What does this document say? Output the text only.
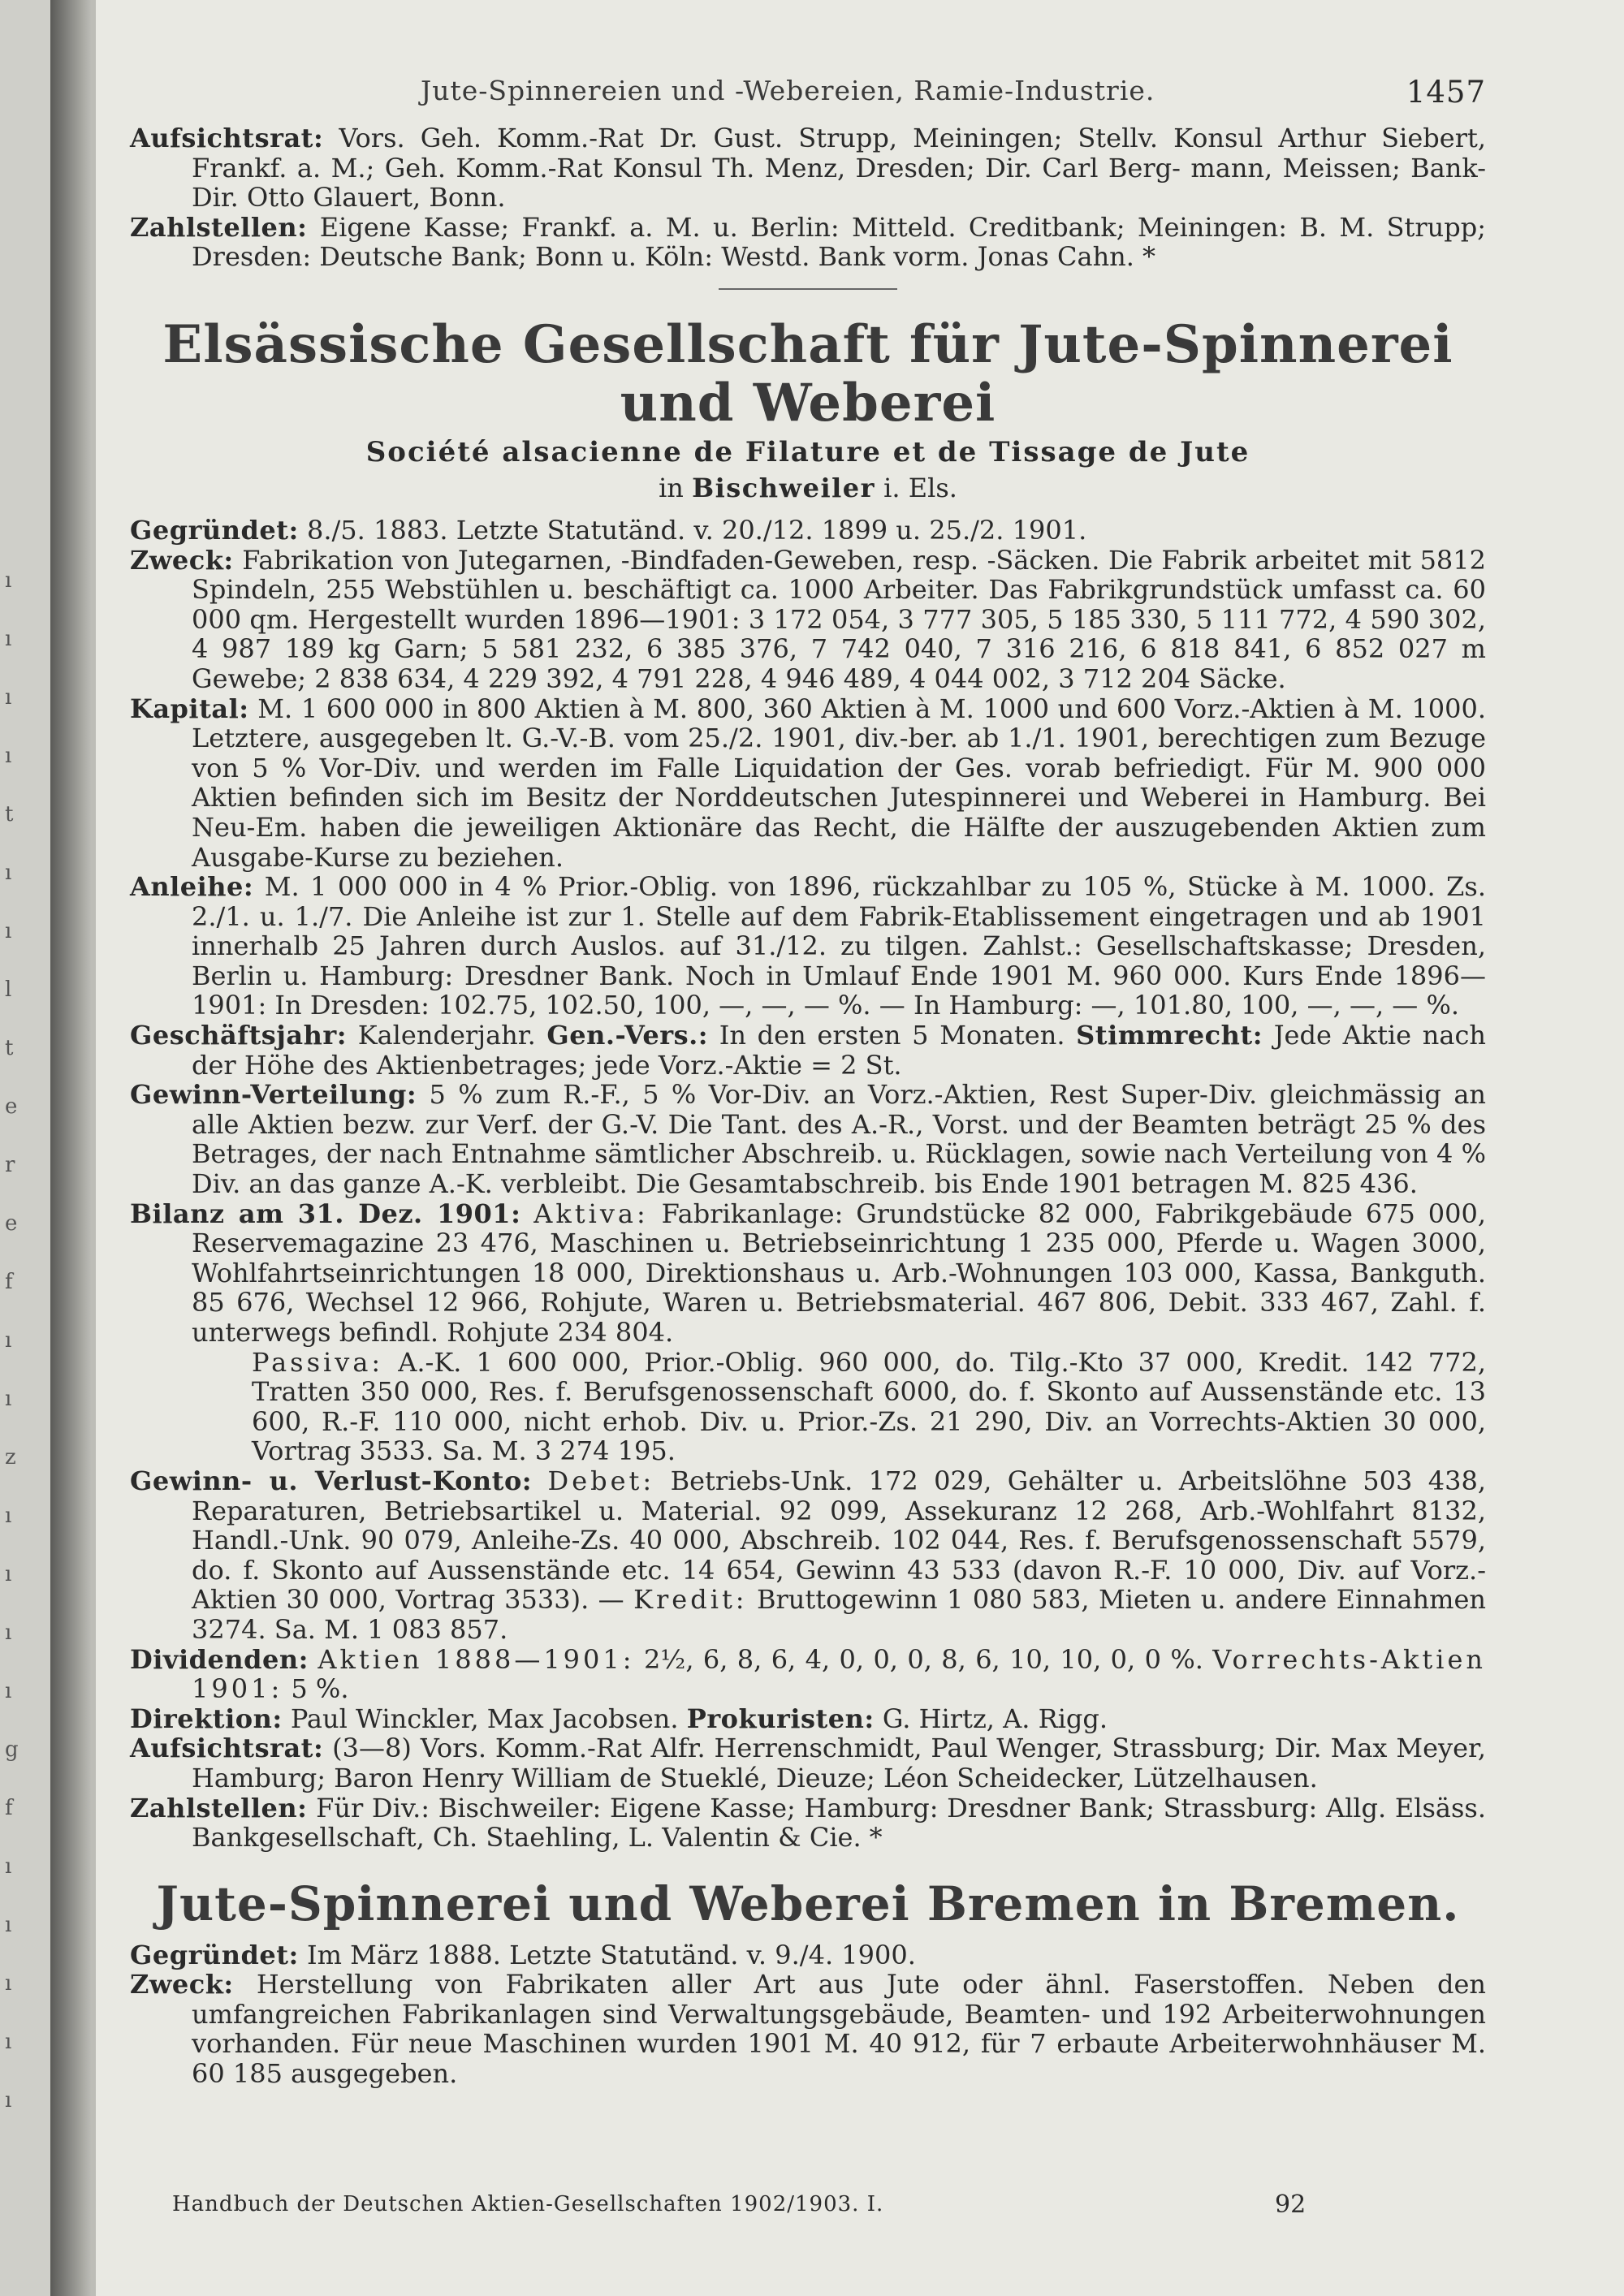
ı
ı
ı
ı
t
ı
ı
l
t
e
r
e
f
ı
ı
z
ı
ı
ı
ı
g
f
ı
ı
ı
ı
ı
Jute-Spinnereien und -Webereien, Ramie-Industrie.	1457

Aufsichtsrat: Vors. Geh. Komm.-Rat Dr. Gust. Strupp, Meiningen; Stellv. Konsul Arthur Siebert, Frankf. a. M.; Geh. Komm.-Rat Konsul Th. Menz, Dresden; Dir. Carl Berg- mann, Meissen; Bank-Dir. Otto Glauert, Bonn.

Zahlstellen: Eigene Kasse; Frankf. a. M. u. Berlin: Mitteld. Creditbank; Meiningen: B. M. Strupp; Dresden: Deutsche Bank; Bonn u. Köln: Westd. Bank vorm. Jonas Cahn. *

Elsässische Gesellschaft für Jute-Spinnerei und Weberei
Société alsacienne de Filature et de Tissage de Jute
in Bischweiler i. Els.

Gegründet: 8./5. 1883. Letzte Statutänd. v. 20./12. 1899 u. 25./2. 1901.

Zweck: Fabrikation von Jutegarnen, -Bindfaden-Geweben, resp. -Säcken. Die Fabrik arbeitet mit 5812 Spindeln, 255 Webstühlen u. beschäftigt ca. 1000 Arbeiter. Das Fabrikgrundstück umfasst ca. 60 000 qm. Hergestellt wurden 1896—1901: 3 172 054, 3 777 305, 5 185 330, 5 111 772, 4 590 302, 4 987 189 kg Garn; 5 581 232, 6 385 376, 7 742 040, 7 316 216, 6 818 841, 6 852 027 m Gewebe; 2 838 634, 4 229 392, 4 791 228, 4 946 489, 4 044 002, 3 712 204 Säcke.

Kapital: M. 1 600 000 in 800 Aktien à M. 800, 360 Aktien à M. 1000 und 600 Vorz.-Aktien à M. 1000. Letztere, ausgegeben lt. G.-V.-B. vom 25./2. 1901, div.-ber. ab 1./1. 1901, berechtigen zum Bezuge von 5 % Vor-Div. und werden im Falle Liquidation der Ges. vorab befriedigt. Für M. 900 000 Aktien befinden sich im Besitz der Norddeutschen Jutespinnerei und Weberei in Hamburg. Bei Neu-Em. haben die jeweiligen Aktionäre das Recht, die Hälfte der auszugebenden Aktien zum Ausgabe-Kurse zu beziehen.

Anleihe: M. 1 000 000 in 4 % Prior.-Oblig. von 1896, rückzahlbar zu 105 %, Stücke à M. 1000. Zs. 2./1. u. 1./7. Die Anleihe ist zur 1. Stelle auf dem Fabrik-Etablissement eingetragen und ab 1901 innerhalb 25 Jahren durch Auslos. auf 31./12. zu tilgen. Zahlst.: Gesellschaftskasse; Dresden, Berlin u. Hamburg: Dresdner Bank. Noch in Umlauf Ende 1901 M. 960 000. Kurs Ende 1896—1901: In Dresden: 102.75, 102.50, 100, —, —, — %. — In Hamburg: —, 101.80, 100, —, —, — %.

Geschäftsjahr: Kalenderjahr. Gen.-Vers.: In den ersten 5 Monaten. Stimmrecht: Jede Aktie nach der Höhe des Aktienbetrages; jede Vorz.-Aktie = 2 St.

Gewinn-Verteilung: 5 % zum R.-F., 5 % Vor-Div. an Vorz.-Aktien, Rest Super-Div. gleichmässig an alle Aktien bezw. zur Verf. der G.-V. Die Tant. des A.-R., Vorst. und der Beamten beträgt 25 % des Betrages, der nach Entnahme sämtlicher Abschreib. u. Rücklagen, sowie nach Verteilung von 4 % Div. an das ganze A.-K. verbleibt. Die Gesamtabschreib. bis Ende 1901 betragen M. 825 436.

Bilanz am 31. Dez. 1901: Aktiva: Fabrikanlage: Grundstücke 82 000, Fabrikgebäude 675 000, Reservemagazine 23 476, Maschinen u. Betriebseinrichtung 1 235 000, Pferde u. Wagen 3000, Wohlfahrtseinrichtungen 18 000, Direktionshaus u. Arb.-Wohnungen 103 000, Kassa, Bankguth. 85 676, Wechsel 12 966, Rohjute, Waren u. Betriebsmaterial. 467 806, Debit. 333 467, Zahl. f. unterwegs befindl. Rohjute 234 804.

Passiva: A.-K. 1 600 000, Prior.-Oblig. 960 000, do. Tilg.-Kto 37 000, Kredit. 142 772, Tratten 350 000, Res. f. Berufsgenossenschaft 6000, do. f. Skonto auf Aussenstände etc. 13 600, R.-F. 110 000, nicht erhob. Div. u. Prior.-Zs. 21 290, Div. an Vorrechts-Aktien 30 000, Vortrag 3533. Sa. M. 3 274 195.

Gewinn- u. Verlust-Konto: Debet: Betriebs-Unk. 172 029, Gehälter u. Arbeitslöhne 503 438, Reparaturen, Betriebsartikel u. Material. 92 099, Assekuranz 12 268, Arb.-Wohlfahrt 8132, Handl.-Unk. 90 079, Anleihe-Zs. 40 000, Abschreib. 102 044, Res. f. Berufsgenossenschaft 5579, do. f. Skonto auf Aussenstände etc. 14 654, Gewinn 43 533 (davon R.-F. 10 000, Div. auf Vorz.-Aktien 30 000, Vortrag 3533). — Kredit: Bruttogewinn 1 080 583, Mieten u. andere Einnahmen 3274. Sa. M. 1 083 857.

Dividenden: Aktien 1888—1901: 2½, 6, 8, 6, 4, 0, 0, 0, 8, 6, 10, 10, 0, 0 %. Vorrechts-Aktien 1901: 5 %.

Direktion: Paul Winckler, Max Jacobsen. Prokuristen: G. Hirtz, A. Rigg.

Aufsichtsrat: (3—8) Vors. Komm.-Rat Alfr. Herrenschmidt, Paul Wenger, Strassburg; Dir. Max Meyer, Hamburg; Baron Henry William de Stueklé, Dieuze; Léon Scheidecker, Lützelhausen.

Zahlstellen: Für Div.: Bischweiler: Eigene Kasse; Hamburg: Dresdner Bank; Strassburg: Allg. Elsäss. Bankgesellschaft, Ch. Staehling, L. Valentin & Cie. *

Jute-Spinnerei und Weberei Bremen in Bremen.

Gegründet: Im März 1888. Letzte Statutänd. v. 9./4. 1900.

Zweck: Herstellung von Fabrikaten aller Art aus Jute oder ähnl. Faserstoffen. Neben den umfangreichen Fabrikanlagen sind Verwaltungsgebäude, Beamten- und 192 Arbeiterwohnungen vorhanden. Für neue Maschinen wurden 1901 M. 40 912, für 7 erbaute Arbeiterwohnhäuser M. 60 185 ausgegeben.

Handbuch der Deutschen Aktien-Gesellschaften 1902/1903. I.	92
